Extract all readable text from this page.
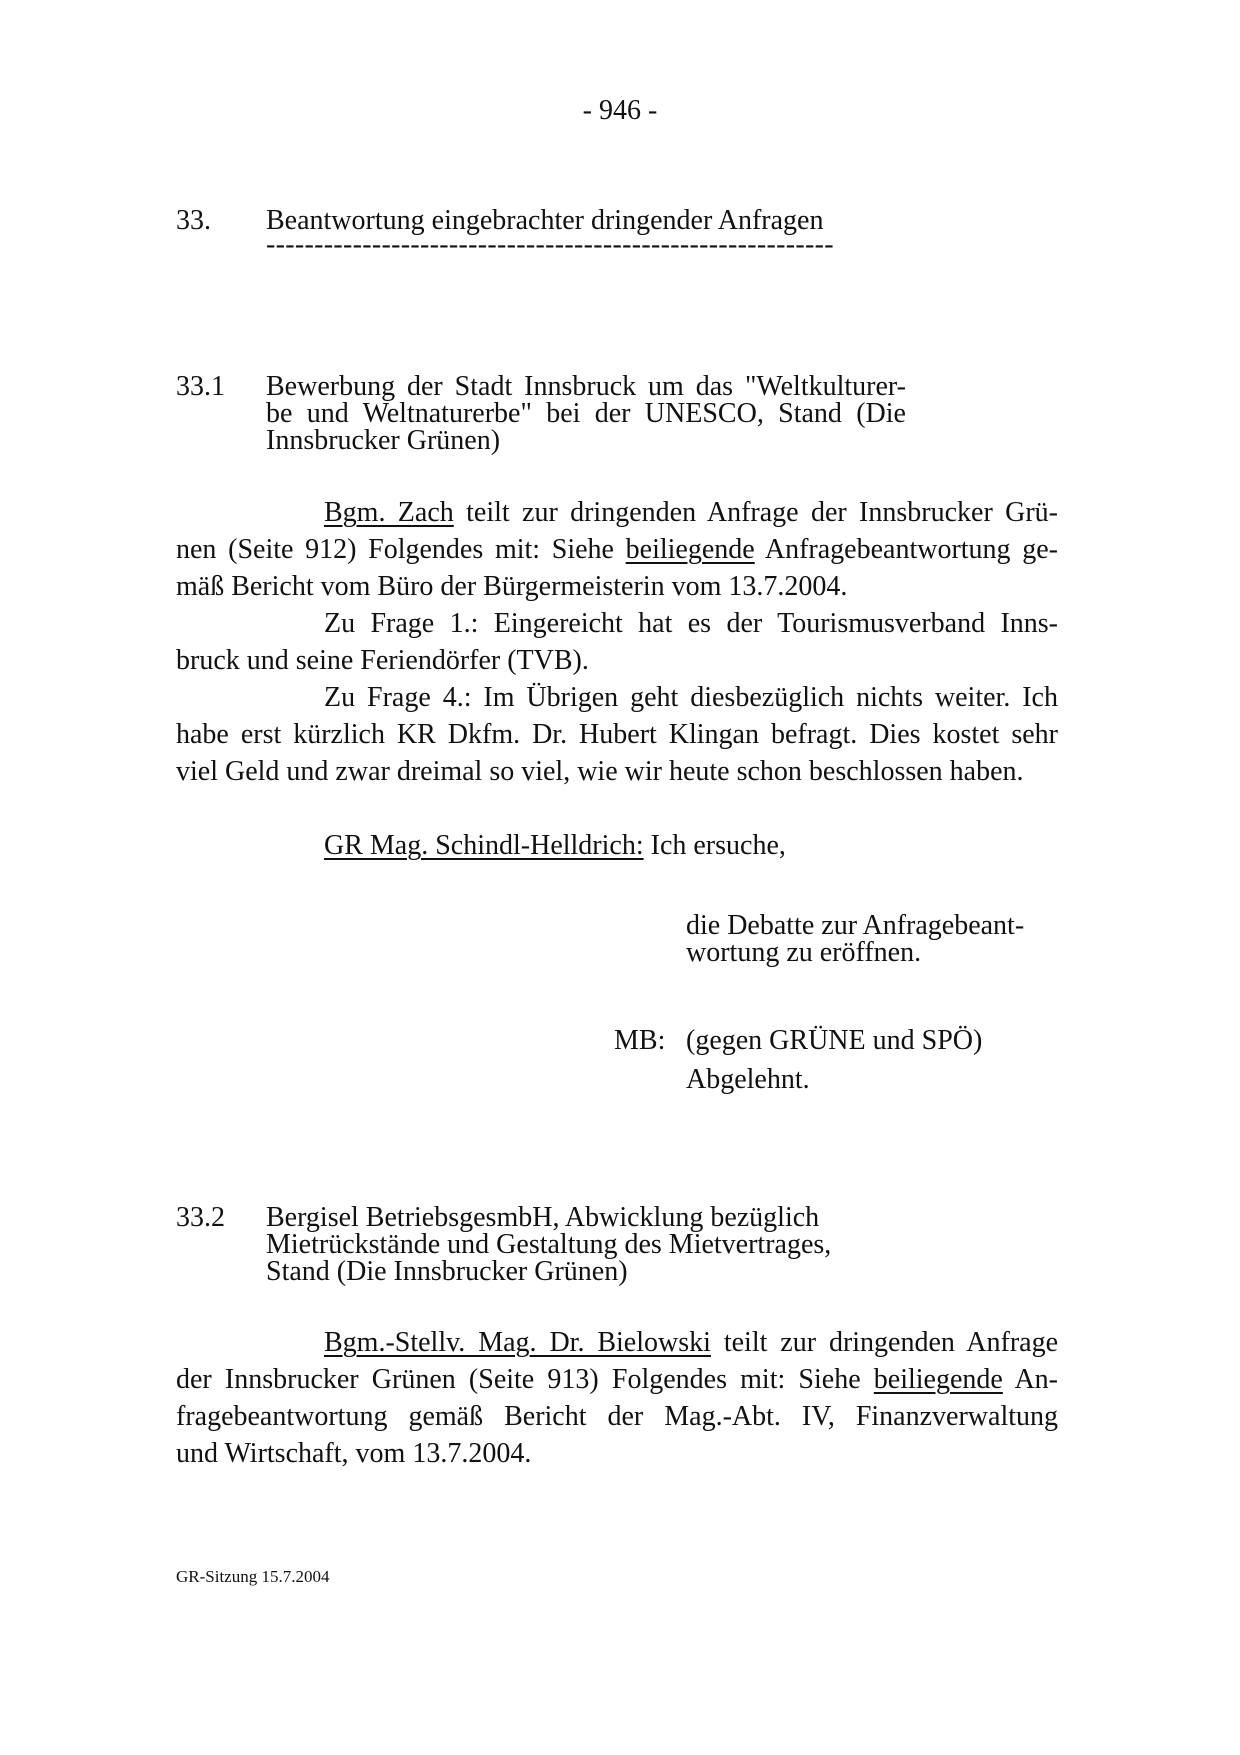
- 946 -
33. Beantwortung eingebrachter dringender Anfragen
-----------------------------------------------------------
33.1 Bewerbung der Stadt Innsbruck um das "Weltkulturer-
be und Weltnaturerbe" bei der UNESCO, Stand (Die
Innsbrucker Grünen)
Bgm. Zach teilt zur dringenden Anfrage der Innsbrucker Grü-
nen (Seite 912) Folgendes mit: Siehe beiliegende Anfragebeantwortung ge-
mäß Bericht vom Büro der Bürgermeisterin vom 13.7.2004.
Zu Frage 1.: Eingereicht hat es der Tourismusverband Inns-
bruck und seine Feriendörfer (TVB).
Zu Frage 4.: Im Übrigen geht diesbezüglich nichts weiter. Ich
habe erst kürzlich KR Dkfm. Dr. Hubert Klingan befragt. Dies kostet sehr
viel Geld und zwar dreimal so viel, wie wir heute schon beschlossen haben.
GR Mag. Schindl-Helldrich: Ich ersuche,
die Debatte zur Anfragebeant-
wortung zu eröffnen.
MB: (gegen GRÜNE und SPÖ)
Abgelehnt.
33.2 Bergisel BetriebsgesmbH, Abwicklung bezüglich
Mietrückstände und Gestaltung des Mietvertrages,
Stand (Die Innsbrucker Grünen)
Bgm.-Stellv. Mag. Dr. Bielowski teilt zur dringenden Anfrage
der Innsbrucker Grünen (Seite 913) Folgendes mit: Siehe beiliegende An-
fragebeantwortung gemäß Bericht der Mag.-Abt. IV, Finanzverwaltung
und Wirtschaft, vom 13.7.2004.
GR-Sitzung 15.7.2004
